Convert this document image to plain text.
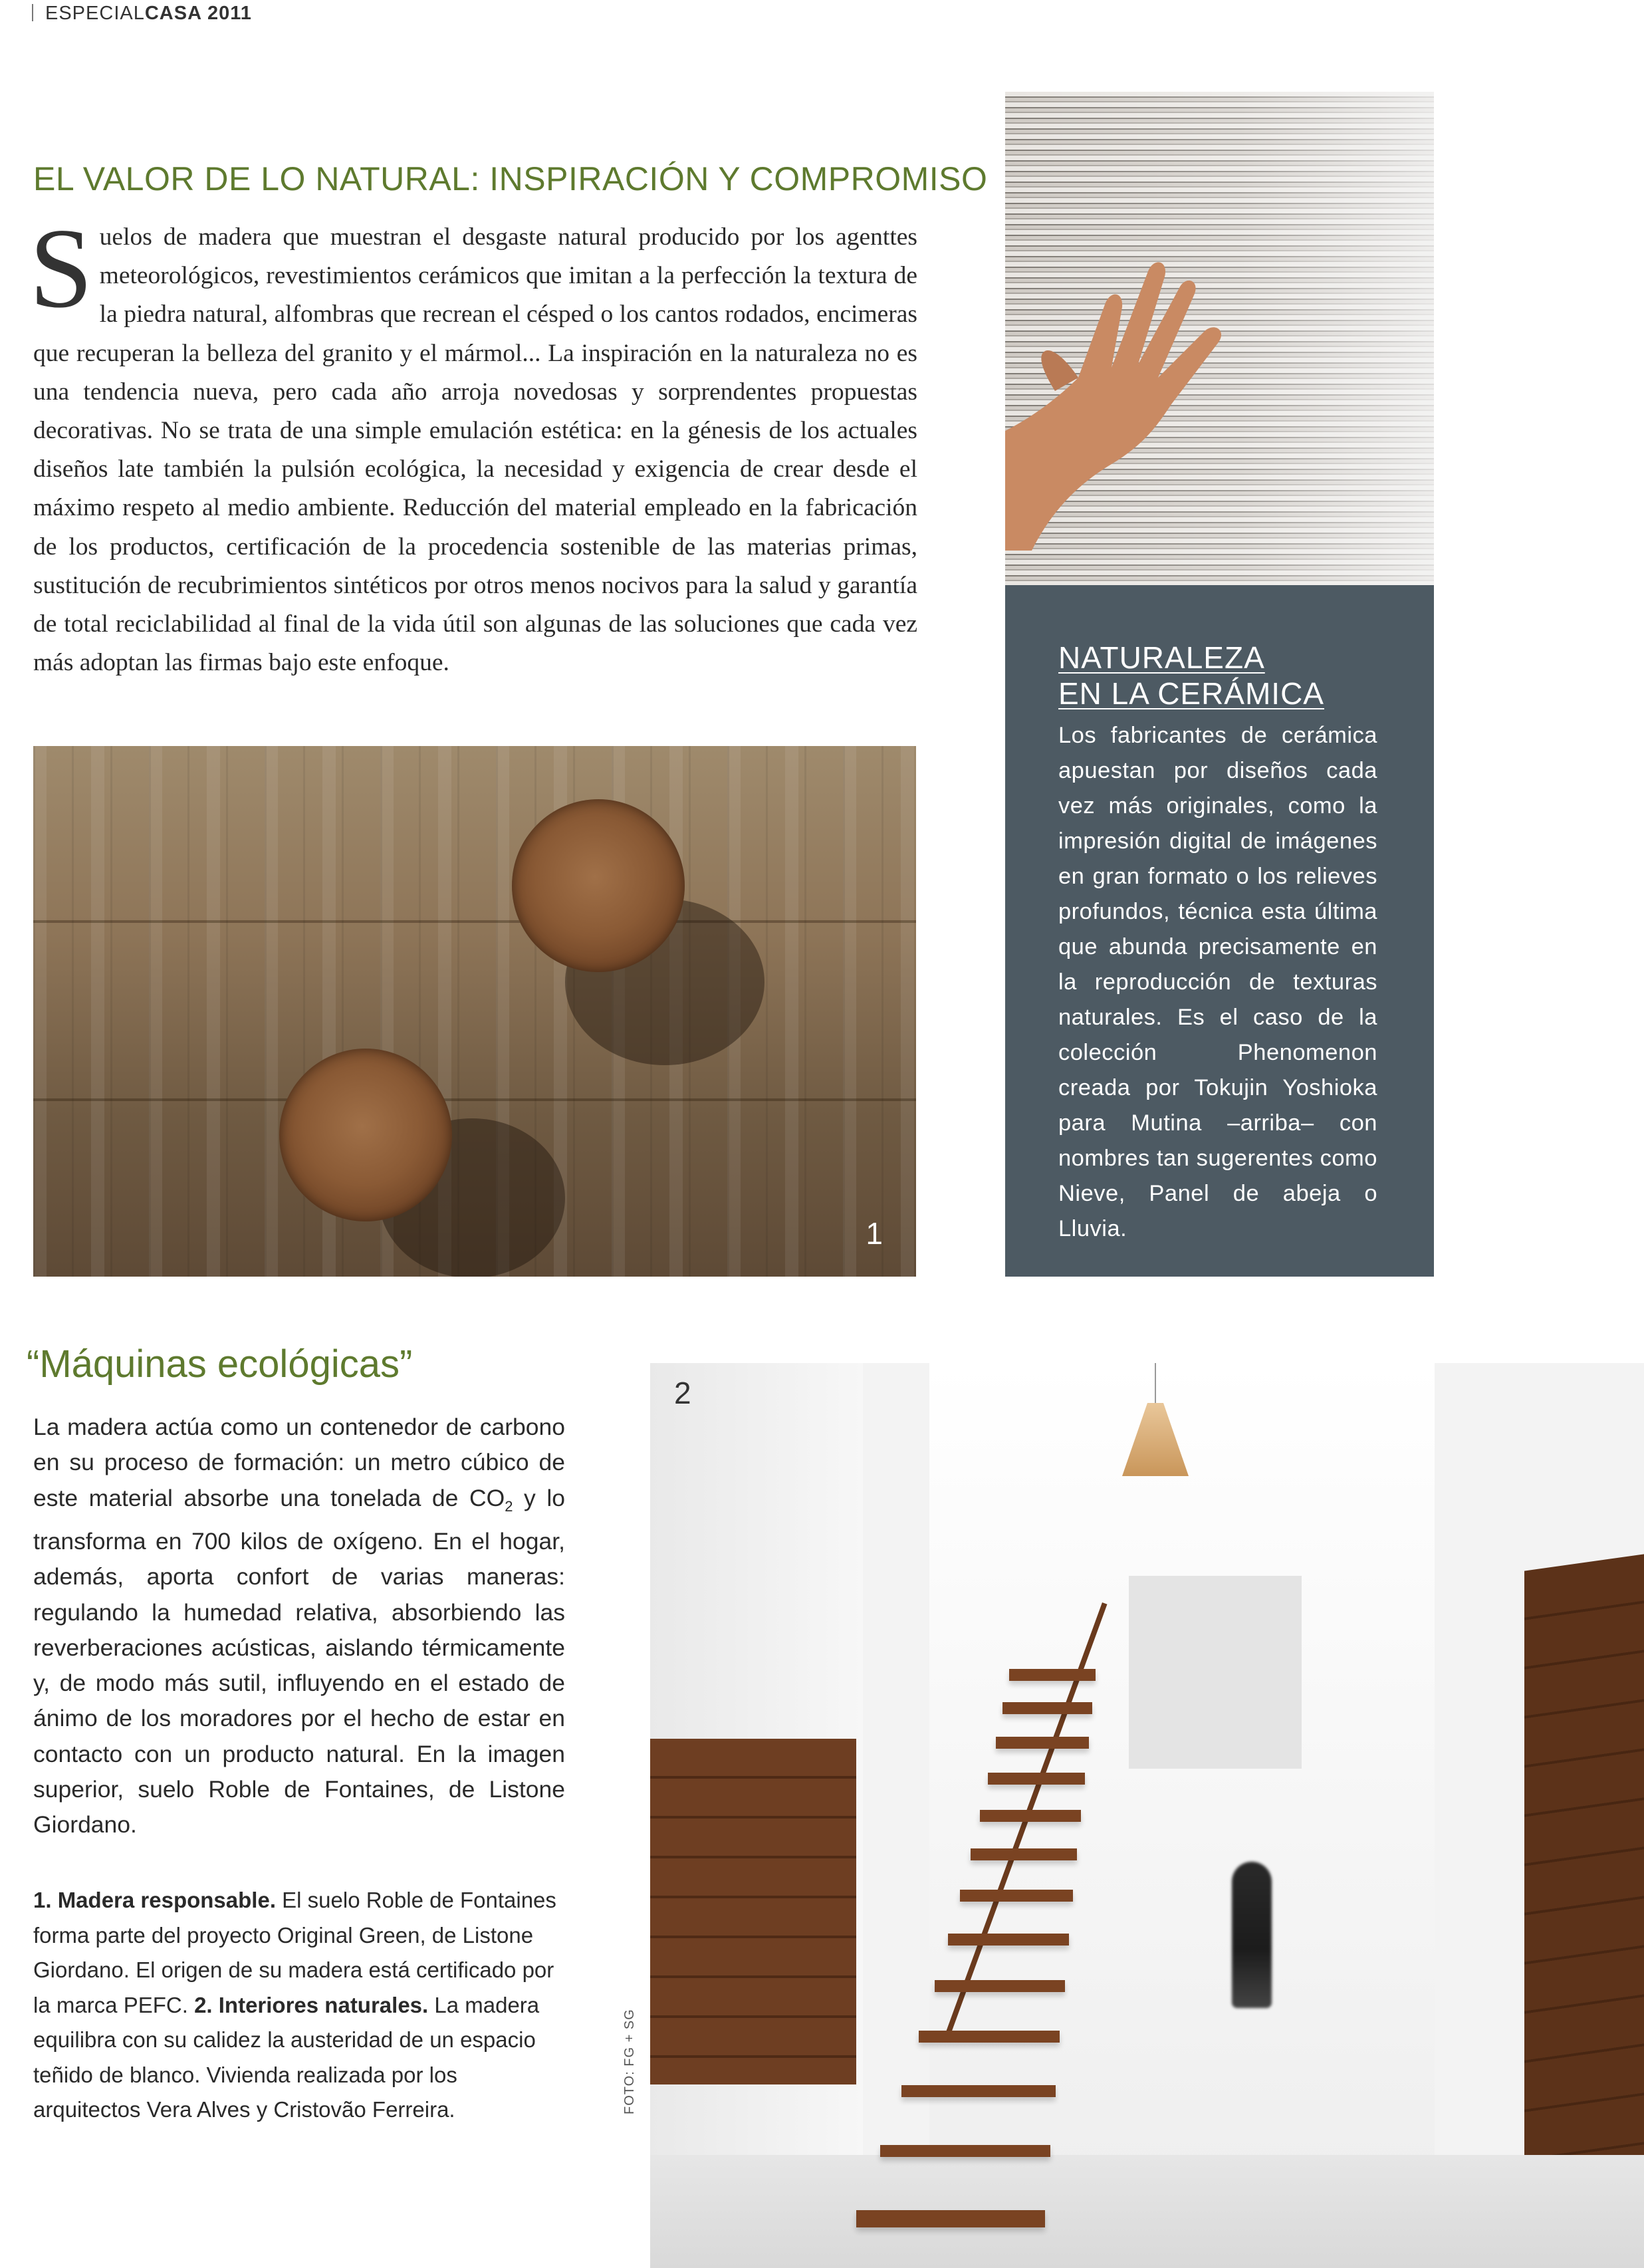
ESPECIALCASA 2011
EL VALOR DE LO NATURAL: INSPIRACIÓN Y COMPROMISO
Suelos de madera que muestran el desgaste natural producido por los agenttes meteorológicos, revestimientos cerámicos que imitan a la perfección la textura de la piedra natural, alfombras que recrean el césped o los cantos rodados, encimeras que recuperan la belleza del granito y el mármol... La inspiración en la naturaleza no es una tendencia nueva, pero cada año arroja novedosas y sorprendentes propuestas decorativas. No se trata de una simple emulación estética: en la génesis de los actuales diseños late también la pulsión ecológica, la necesidad y exigencia de crear desde el máximo respeto al medio ambiente. Reducción del material empleado en la fabricación de los productos, certificación de la procedencia sostenible de las materias primas, sustitución de recubrimientos sintéticos por otros menos nocivos para la salud y garantía de total reciclabilidad al final de la vida útil son algunas de las soluciones que cada vez más adoptan las firmas bajo este enfoque.
1
NATURALEZA
EN LA CERÁMICA
Los fabricantes de cerámica apuestan por diseños cada vez más originales, como la impresión digital de imágenes en gran formato o los relieves profundos, técnica esta última que abunda precisamente en la reproducción de texturas naturales. Es el caso de la colección Phenomenon creada por Tokujin Yoshioka para Mutina –arriba– con nombres tan sugerentes como Nieve, Panel de abeja o Lluvia.
“Máquinas ecológicas”
La madera actúa como un contenedor de carbono en su proceso de formación: un metro cúbico de este material absorbe una tonelada de $CO_2$ y lo transforma en 700 kilos de oxígeno. En el hogar, además, aporta confort de varias maneras: regulando la humedad relativa, absorbiendo las reverberaciones acústicas, aislando térmicamente y, de modo más sutil, influyendo en el estado de ánimo de los moradores por el hecho de estar en contacto con un producto natural. En la imagen superior, suelo Roble de Fontaines, de Listone Giordano.
1. Madera responsable. El suelo Roble de Fontaines forma parte del proyecto Original Green, de Listone Giordano. El origen de su madera está certificado por la marca PEFC. 2. Interiores naturales. La madera equilibra con su calidez la austeridad de un espacio teñido de blanco. Vivienda realizada por los arquitectos Vera Alves y Cristovão Ferreira.	FOTO: FG + SG
2
